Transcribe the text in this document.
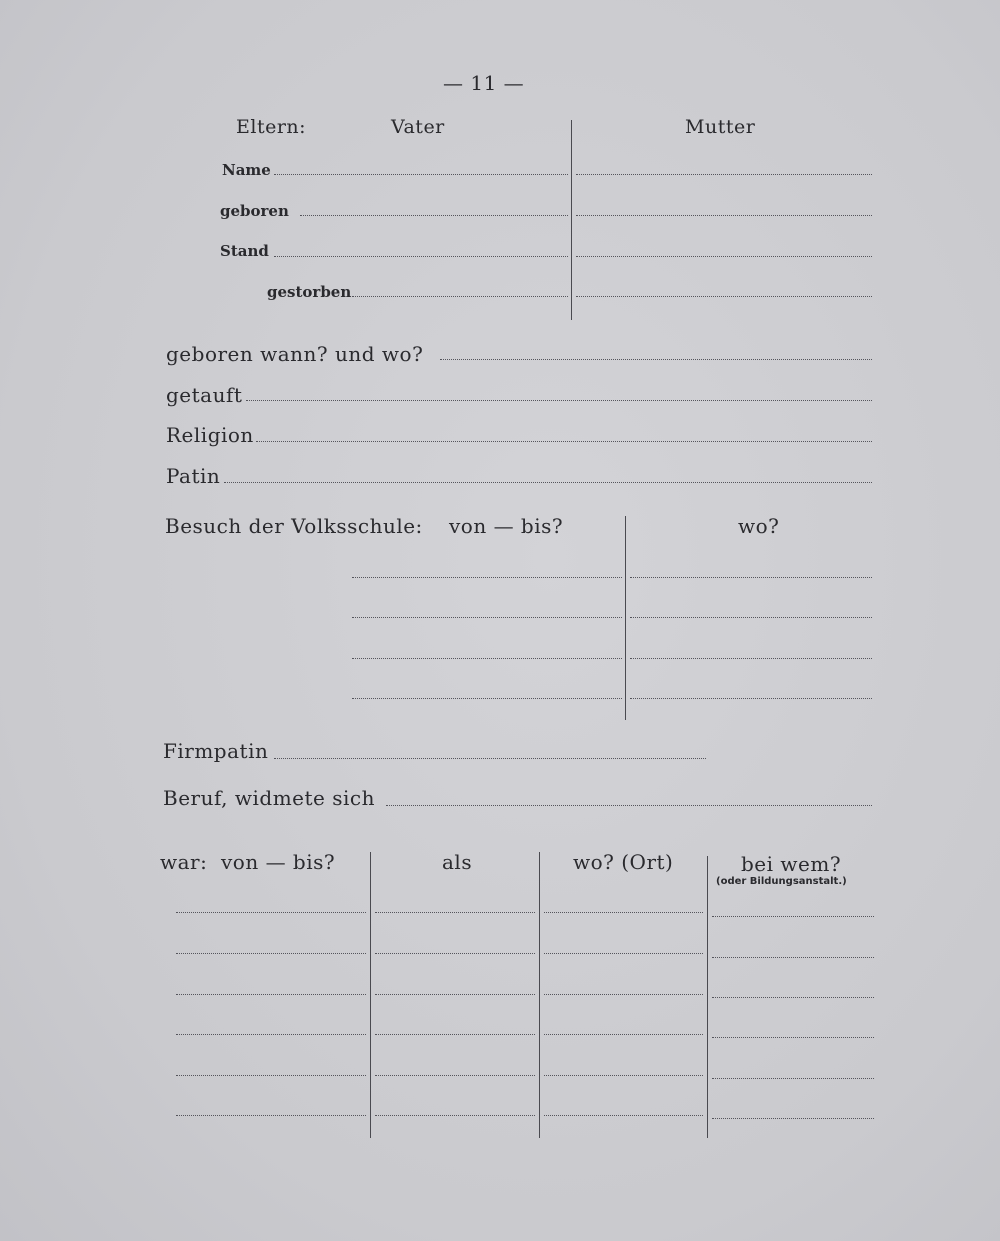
— 11 —
Eltern:	Vater	Mutter
Name
geboren
Stand
gestorben
geboren wann? und wo?
getauft
Religion
Patin
Besuch der Volksschule: von — bis?	wo?
Firmpatin
Beruf, widmete sich
war: von — bis?	als	wo? (Ort)	bei wem?
(oder Bildungsanstalt.)
